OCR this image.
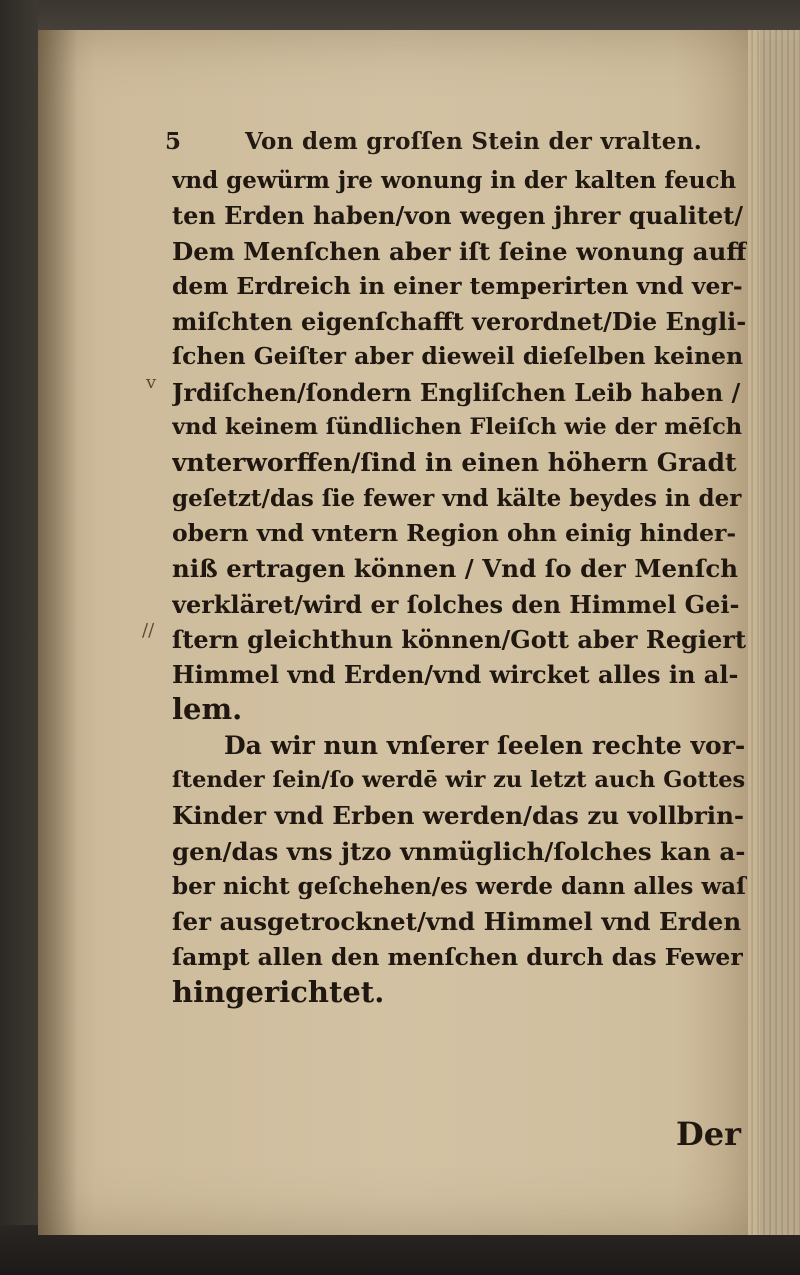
5	Von dem groſſen Stein der vralten.
v
//
vnd gewürm jre wonung in der kalten feuch
ten Erden haben/von wegen jhrer qualitet/
Dem Menſchen aber iſt ſeine wonung auff
dem Erdreich in einer temperirten vnd ver-
miſchten eigenſchafft verordnet/Die Engli-
ſchen Geiſter aber dieweil dieſelben keinen
Jrdiſchen/ſondern Engliſchen Leib haben /
vnd keinem ſündlichen Fleiſch wie der mēſch
vnterworffen/ſind in einen höhern Gradt
geſetzt/das ſie fewer vnd kälte beydes in der
obern vnd vntern Region ohn einig hinder-
niß ertragen können / Vnd ſo der Menſch
verkläret/wird er ſolches den Himmel Gei-
ſtern gleichthun können/Gott aber Regiert
Himmel vnd Erden/vnd wircket alles in al-
lem.
Da wir nun vnſerer ſeelen rechte vor-
ſtender ſein/ſo werdē wir zu letzt auch Gottes
Kinder vnd Erben werden/das zu vollbrin-
gen/das vns jtzo vnmüglich/ſolches kan a-
ber nicht geſchehen/es werde dann alles waſ
ſer ausgetrocknet/vnd Himmel vnd Erden
ſampt allen den menſchen durch das Fewer
hingerichtet.
Der
